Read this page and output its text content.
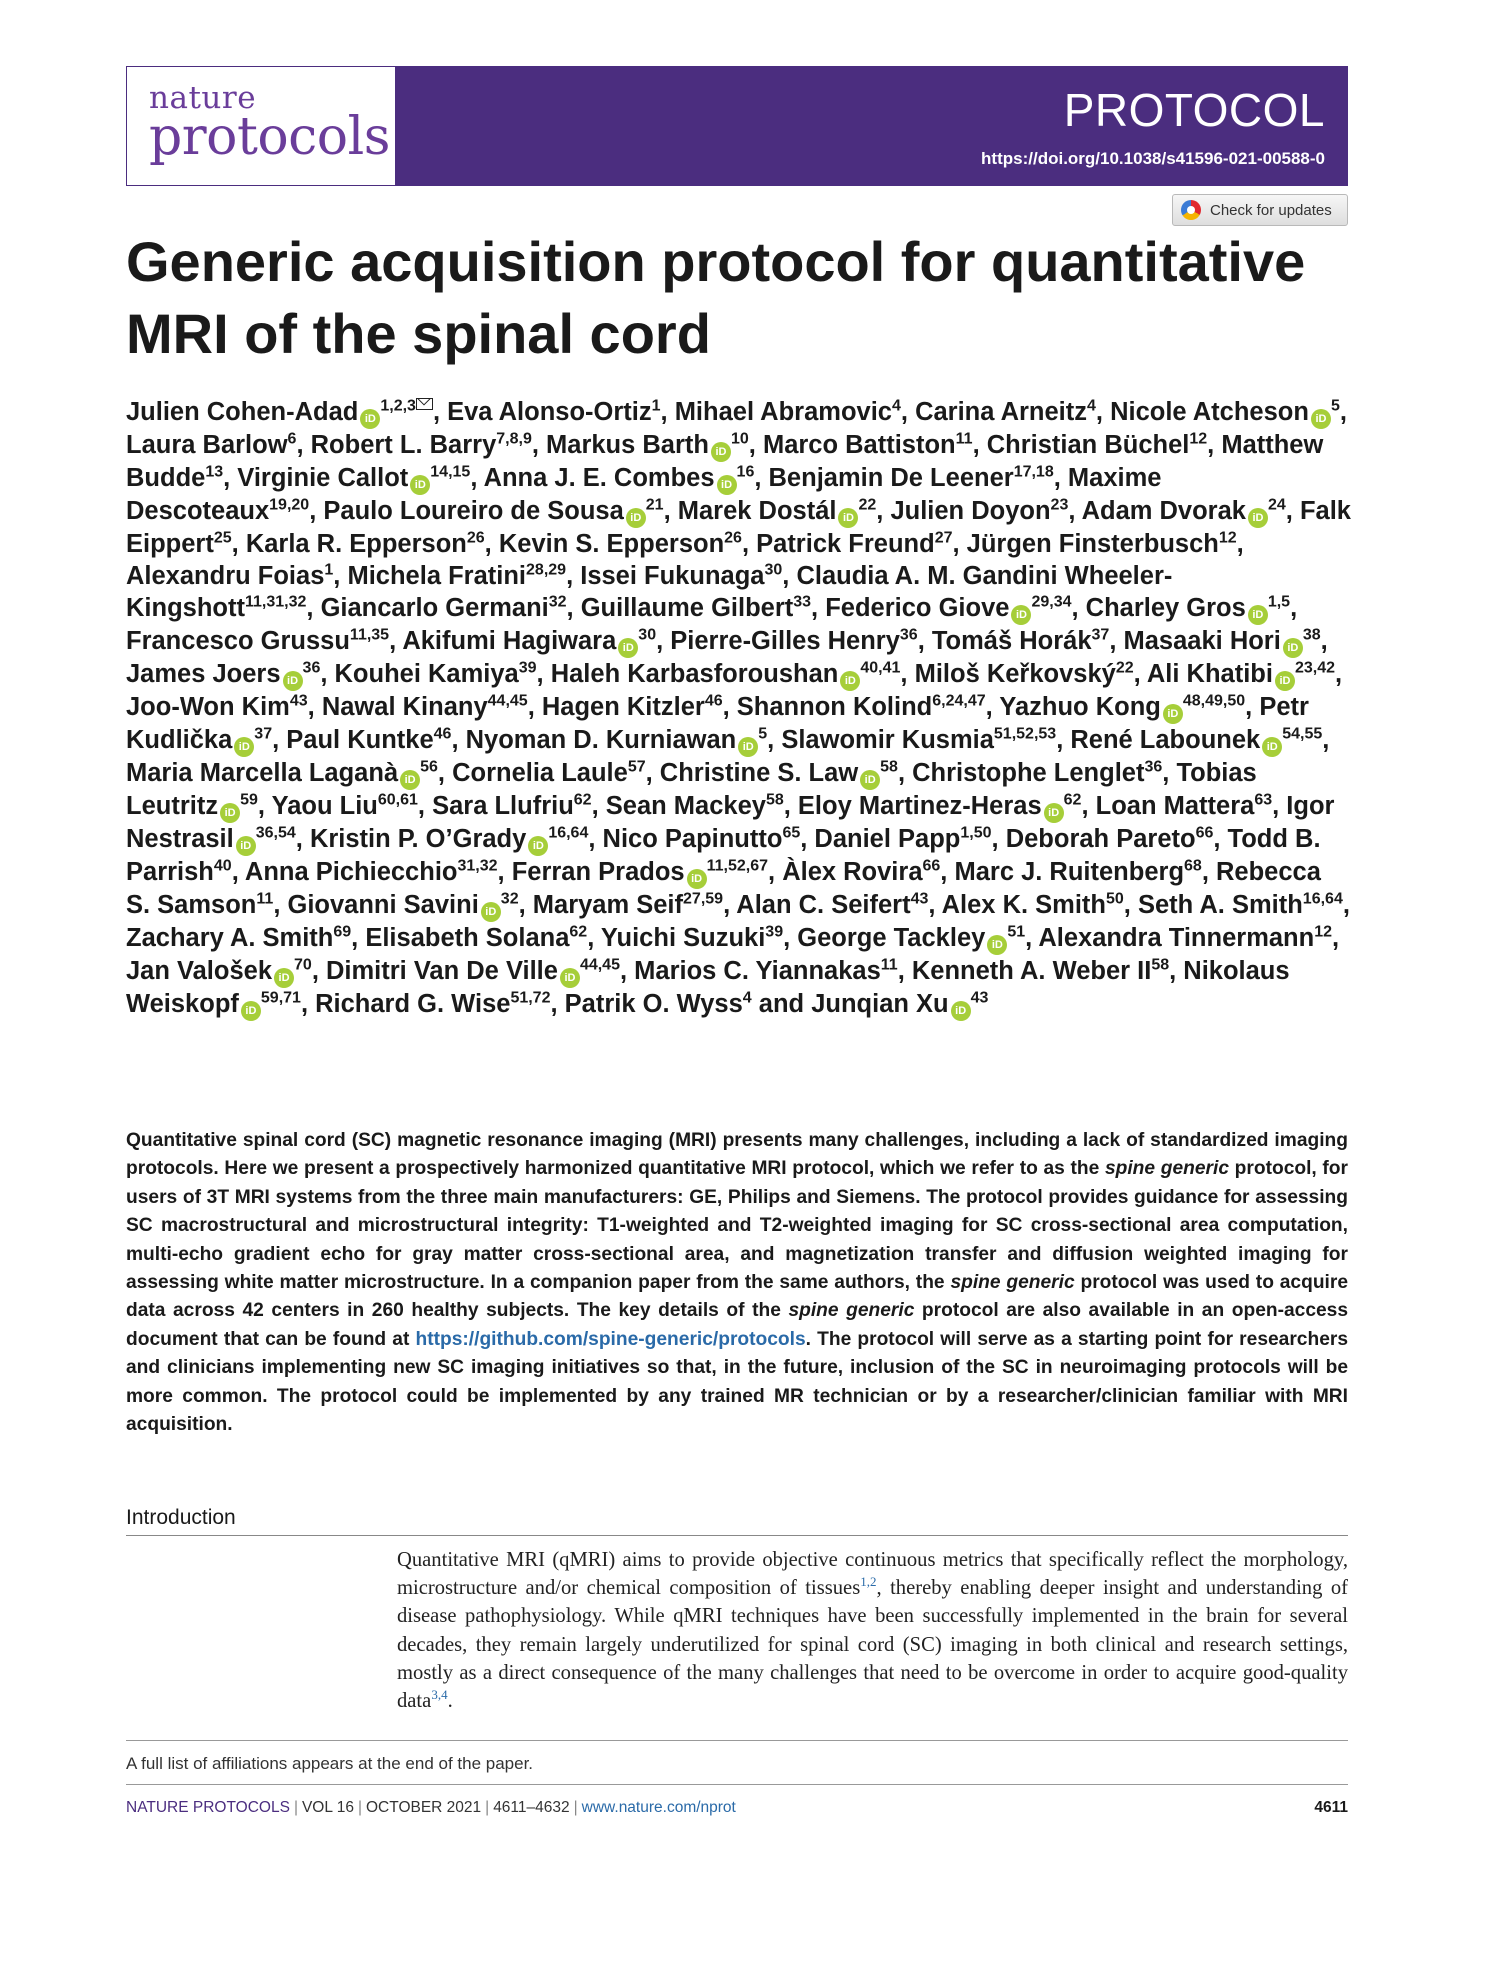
nature
protocols	PROTOCOL
https://doi.org/10.1038/s41596-021-00588-0
Check for updates
Generic acquisition protocol for quantitative MRI of the spinal cord
Julien Cohen-Adad iD$^{1,2,3}$ , Eva Alonso-Ortiz$^1$, Mihael Abramovic$^4$, Carina Arneitz$^4$, Nicole Atcheson $iD^5$, Laura Barlow$^6$, Robert L. Barry$^{7,8,9}$, Markus Barth $iD^{10}$, Marco Battiston$^{11}$, Christian Büchel$^{12}$, Matthew Budde$^{13}$, Virginie Callot iD$^{14,15}$, Anna J. E. Combes $iD^{16}$, Benjamin De Leener$^{17,18}$, Maxime Descoteaux$^{19,20}$, Paulo Loureiro de Sousa $iD^{21}$, Marek Dostál $iD^{22}$, Julien Doyon$^{23}$, Adam Dvorak $iD^{24}$, Falk Eippert$^{25}$, Karla R. Epperson$^{26}$, Kevin S. Epperson$^{26}$, Patrick Freund$^{27}$, Jürgen Finsterbusch$^{12}$, Alexandru Foias$^1$, Michela Fratini$^{28,29}$, Issei Fukunaga$^{30}$, Claudia A. M. Gandini Wheeler-Kingshott$^{11,31,32}$, Giancarlo Germani$^{32}$, Guillaume Gilbert$^{33}$, Federico Giove iD$^{29,34}$, Charley Gros iD$^{1,5}$, Francesco Grussu$^{11,35}$, Akifumi Hagiwara $iD^{30}$, Pierre-Gilles Henry$^{36}$, Tomáš Horák$^{37}$, Masaaki Hori $iD^{38}$, James Joers $iD^{36}$, Kouhei Kamiya$^{39}$, Haleh Karbasforoushan iD$^{40,41}$, Miloš Keřkovský$^{22}$, Ali Khatibi iD$^{23,42}$, Joo-Won Kim$^{43}$, Nawal Kinany$^{44,45}$, Hagen Kitzler$^{46}$, Shannon Kolind$^{6,24,47}$, Yazhuo Kong iD$^{48,49,50}$, Petr Kudlička $iD^{37}$, Paul Kuntke$^{46}$, Nyoman D. Kurniawan $iD^5$, Slawomir Kusmia$^{51,52,53}$, René Labounek iD$^{54,55}$, Maria Marcella Laganà $iD^{56}$, Cornelia Laule$^{57}$, Christine S. Law $iD^{58}$, Christophe Lenglet$^{36}$, Tobias Leutritz $iD^{59}$, Yaou Liu$^{60,61}$, Sara Llufriu$^{62}$, Sean Mackey$^{58}$, Eloy Martinez-Heras $iD^{62}$, Loan Mattera$^{63}$, Igor Nestrasil iD$^{36,54}$, Kristin P. O’Grady iD$^{16,64}$, Nico Papinutto$^{65}$, Daniel Papp$^{1,50}$, Deborah Pareto$^{66}$, Todd B. Parrish$^{40}$, Anna Pichiecchio$^{31,32}$, Ferran Prados iD$^{11,52,67}$, Àlex Rovira$^{66}$, Marc J. Ruitenberg$^{68}$, Rebecca S. Samson$^{11}$, Giovanni Savini $iD^{32}$, Maryam Seif$^{27,59}$, Alan C. Seifert$^{43}$, Alex K. Smith$^{50}$, Seth A. Smith$^{16,64}$, Zachary A. Smith$^{69}$, Elisabeth Solana$^{62}$, Yuichi Suzuki$^{39}$, George Tackley $iD^{51}$, Alexandra Tinnermann$^{12}$, Jan Valošek $iD^{70}$, Dimitri Van De Ville iD$^{44,45}$, Marios C. Yiannakas$^{11}$, Kenneth A. Weber II$^{58}$, Nikolaus Weiskopf iD$^{59,71}$, Richard G. Wise$^{51,72}$, Patrik O. Wyss$^4$ and Junqian Xu $iD^{43}$
Quantitative spinal cord (SC) magnetic resonance imaging (MRI) presents many challenges, including a lack of standardized imaging protocols. Here we present a prospectively harmonized quantitative MRI protocol, which we refer to as the spine generic protocol, for users of 3T MRI systems from the three main manufacturers: GE, Philips and Siemens. The protocol provides guidance for assessing SC macrostructural and microstructural integrity: T1-weighted and T2-weighted imaging for SC cross-sectional area computation, multi-echo gradient echo for gray matter cross-sectional area, and magnetization transfer and diffusion weighted imaging for assessing white matter microstructure. In a companion paper from the same authors, the spine generic protocol was used to acquire data across 42 centers in 260 healthy subjects. The key details of the spine generic protocol are also available in an open-access document that can be found at https://github.com/spine-generic/protocols. The protocol will serve as a starting point for researchers and clinicians implementing new SC imaging initiatives so that, in the future, inclusion of the SC in neuroimaging protocols will be more common. The protocol could be implemented by any trained MR technician or by a researcher/clinician familiar with MRI acquisition.
Introduction
Quantitative MRI (qMRI) aims to provide objective continuous metrics that specifically reflect the morphology, microstructure and/or chemical composition of tissues$^{1,2}$, thereby enabling deeper insight and understanding of disease pathophysiology. While qMRI techniques have been successfully implemented in the brain for several decades, they remain largely underutilized for spinal cord (SC) imaging in both clinical and research settings, mostly as a direct consequence of the many challenges that need to be overcome in order to acquire good-quality data$^{3,4}$.
A full list of affiliations appears at the end of the paper.
NATURE PROTOCOLS | VOL 16 | OCTOBER 2021 | 4611–4632 | www.nature.com/nprot	4611
